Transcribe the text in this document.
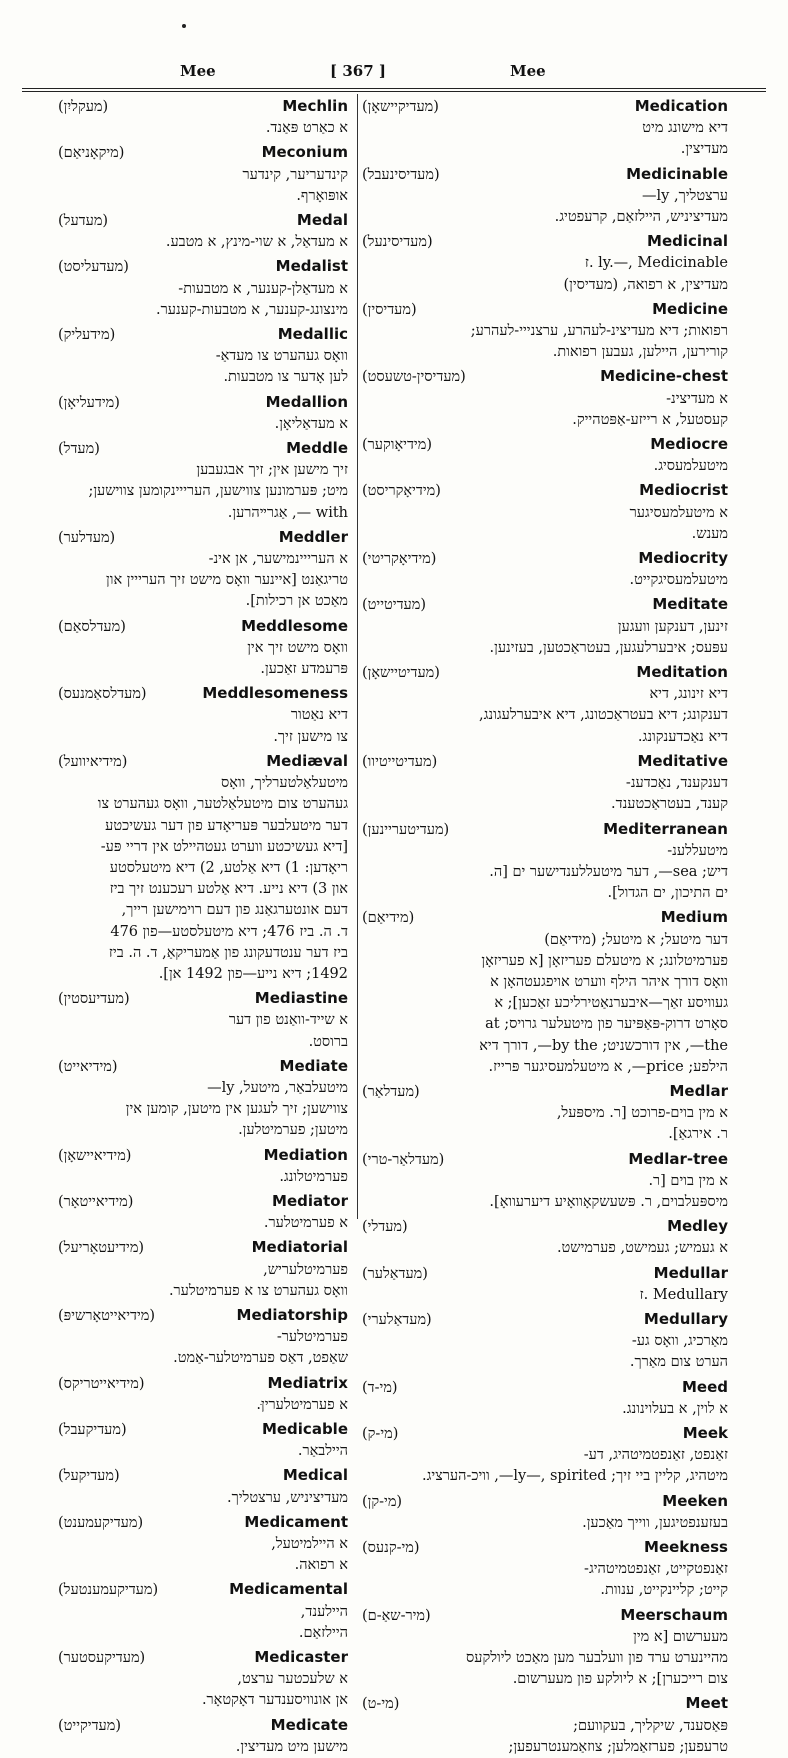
Mee	[ 367 ]	Mee
(מעקליִן)	Mechlin
א כאַרט פּאַנד.
(מיקאָניאַם)	Meconium
קינדעריער, קינדער
אופּואָרף.
(מעדעל)	Medal
א מעדאַל, א שוי-מינץ, א מטבע.
(מעדעליסט)	Medalist
א מעדאַלן-קענער, א מטבעות-
מינצונג-קענער, א מטבעות-קענער.
(מידעליק)	Medallic
וואָס געהערט צו מעדאַ-
לען אָדער צו מטבעות.
(מידעליאָן)	Medallion
א מעדאַליאָן.
(מעדל)	Meddle
זיך מישען אין; זיך אבגעבען
מיט; פּערמונען צווישען, הערייינקומען צווישען;
with —, אַגרײהרען.
(מעדלער)	Meddler
א הערייינמישער, אן אינ-
טריגאַנט [איינער וואָס מישט זיך הערייין און
מאַכט אן רכילות].
(מעדלסאַם)	Meddlesome
וואָס מישט זיך אין
פּרעמדע זאַכען.
(מעדלסאַמנעס)	Meddlesomeness
דיא נאַטור
צו מישען זיך.
(מידיאיוועל)	Mediæval
מיטעלאַלטערליך, וואָס
געהערט צום מיטעלאַלטער, וואָס געהערט צו
דער מיטעלבער פּעריאָדע פון דער געשיכטע
[דיא געשיכטע ווערט געטהיילט אין דריי פּע-
ריאָדען: 1) דיא אַלטע, 2) דיא מיטעלסטע
און 3) דיא נייע. דיא אַלטע רעכענט זיך ביז
דעם אונטערגאַנג פון דעם רוימישען רייך,
ד. ה. ביז 476; דיא מיטעלסטע—פון 476
ביז דער ענטדעקונג פון אַמעריקאַ, ד. ה. ביז
1492; דיא נייע—פון 1492 אן].
(מעדיעסטין)	Mediastine
א שייד-וואַנט פון דער
ברוסט.
(מידיאייט)	Mediate
מיטעלבאַר, מיטעל, ly—
צווישען; זיך לעגען אין מיטען, קומען אין
מיטען; פערמיטלען.
(מידיאיישאָן)	Mediation
פערמיטלונג.
(מידיאייטאָר)	Mediator
א פערמיטלער.
(מידיעטאָריעל)	Mediatorial
פערמיטלעריש,
וואָס געהערט צו א פערמיטלער.
(מידיאייטאָרשיפּ)	Mediatorship
פערמיטלער-
שאַפט, דאַס פערמיטלער-אַמט.
(מידיאייטריקס)	Mediatrix
א פערמיטלעריןּ.
(מעדיקעבל)	Medicable
היילבאַר.
(מעדיקעל)	Medical
מעדיציניש, ערצטליך.
(מעדיקעמענט)	Medicament
א היילמיטעל,
א רפואה.
(מעדיקעמענטעל)	Medicamental
היילענד,
היילזאַם.
(מעדיקעסטער)	Medicaster
א שלעכטער ערצט,
אן אונוויסענדער דאָקטאָר.
(מעדיקייט)	Medicate
מישען מיט מעדיצין.
(מעדיקיישאָן)	Medication
דיא מישונג מיט
מעדיצין.
(מעדיסינעבל)	Medicinable
ערצטליך, ly—
מעדיציניש, היילזאַם, קרעפטיג.
(מעדיסינעל)	Medicinal
ly.—, Medicinable .ז
מעדיצין, א רפואה, (מעדיסין)
(מעדיסין)	Medicine
רפואות; דיא מעדיצינ-לעהרע, ערצנייי-לעהרע;
קורירען, היילען, געבען רפואות.
(מעדיסין-טשעסט)	Medicine-chest
א מעדיצינ-
קעסטעל, א רייזע-אַפּטהייק.
(מידיאָוקער)	Mediocre
מיטעלמעסיג.
(מידיאָקריסט)	Mediocrist
א מיטעלמעסיגער
מענש.
(מידיאָקריטי)	Mediocrity
מיטעלמעסיגקייט.
(מעדיטייט)	Meditate
זינען, דענקען וועגען
עפּעס; איבערלעגען, בעטראַכטען, בעזינען.
(מעדיטיישאָן)	Meditation
דיא זינונג, דיא
דענקונג; דיא בעטראַכטונג, דיא איבערלעגונג,
דיא נאַכדענקונג.
(מעדיטייטיוו)	Meditative
דענקענד, נאַכדענ-
קענד, בעטראַכטענד.
(מעדיטעריינען)	Mediterranean
מיטעללענ-
דיש; sea—, דער מיטעללענדישער ים [ה.
ים התיכון, ים הגדול].
(מידיאַם)	Medium
דער מיטעל; א מיטעל; (מידיאַם)
פערמיטלונג; א מיטעלם פעריזאָן [א פעריזאָן
וואָס דורך איהר הילף ווערט אויפגעטהאָן א
געוויסע זאַך—איבערנאַטירליכע זאַכען]; א
סאָרט דרוק-פּאַפּיער פון מיטעלער גרויס; at
the—, אין דורכשניט; by the—, דורך דיא
הילפע; price—, א מיטעלמעסיגער פּרייז.
(מעדלאַר)	Medlar
א מין בוים-פרוכט [ר. מיספּעל,
ר. אירגאַ].
(מעדלאַר-טרי)	Medlar-tree
א מין בוים [ר.
מיספּעלבוים, ר. פּשעשקאָוואָיע דיערעוואָ].
(מעדלי)	Medley
א געמיש; געמישט, פערמישט.
(מעדאַלער)	Medullar
Medullary .ז
(מעדאַלערי)	Medullary
מאַרכיג, וואָס גע-
הערט צום מאַרך.
(מי-ד)	Meed
א לוין, א בעלוינונג.
(מי-ק)	Meek
זאַנפט, זאַנפטמיטהיג, דע-
מיטהיג, קליין ביי זיך; ly—, spirited—, וויכ-הערציג.
(מי-קן)	Meeken
בעזענפטיגען, ווייך מאַכען.
(מי-קנעס)	Meekness
זאַנפטקייט, זאַנפטמיטהיג-
קייט; קליינקייט, ענוות.
(מיר-שאַ-ם)	Meerschaum
מעערשום [א מין
מהיינערט ערד פון וועלבער מען מאַכט ליולקעס
צום רייכערן]; א ליולקע פון מעערשום.
(מי-ט)	Meet
פּאַסענד, שיקליך, בעקוועם;
טרעפען; פערזאַמלען; צוזאַמענטרעפען;
